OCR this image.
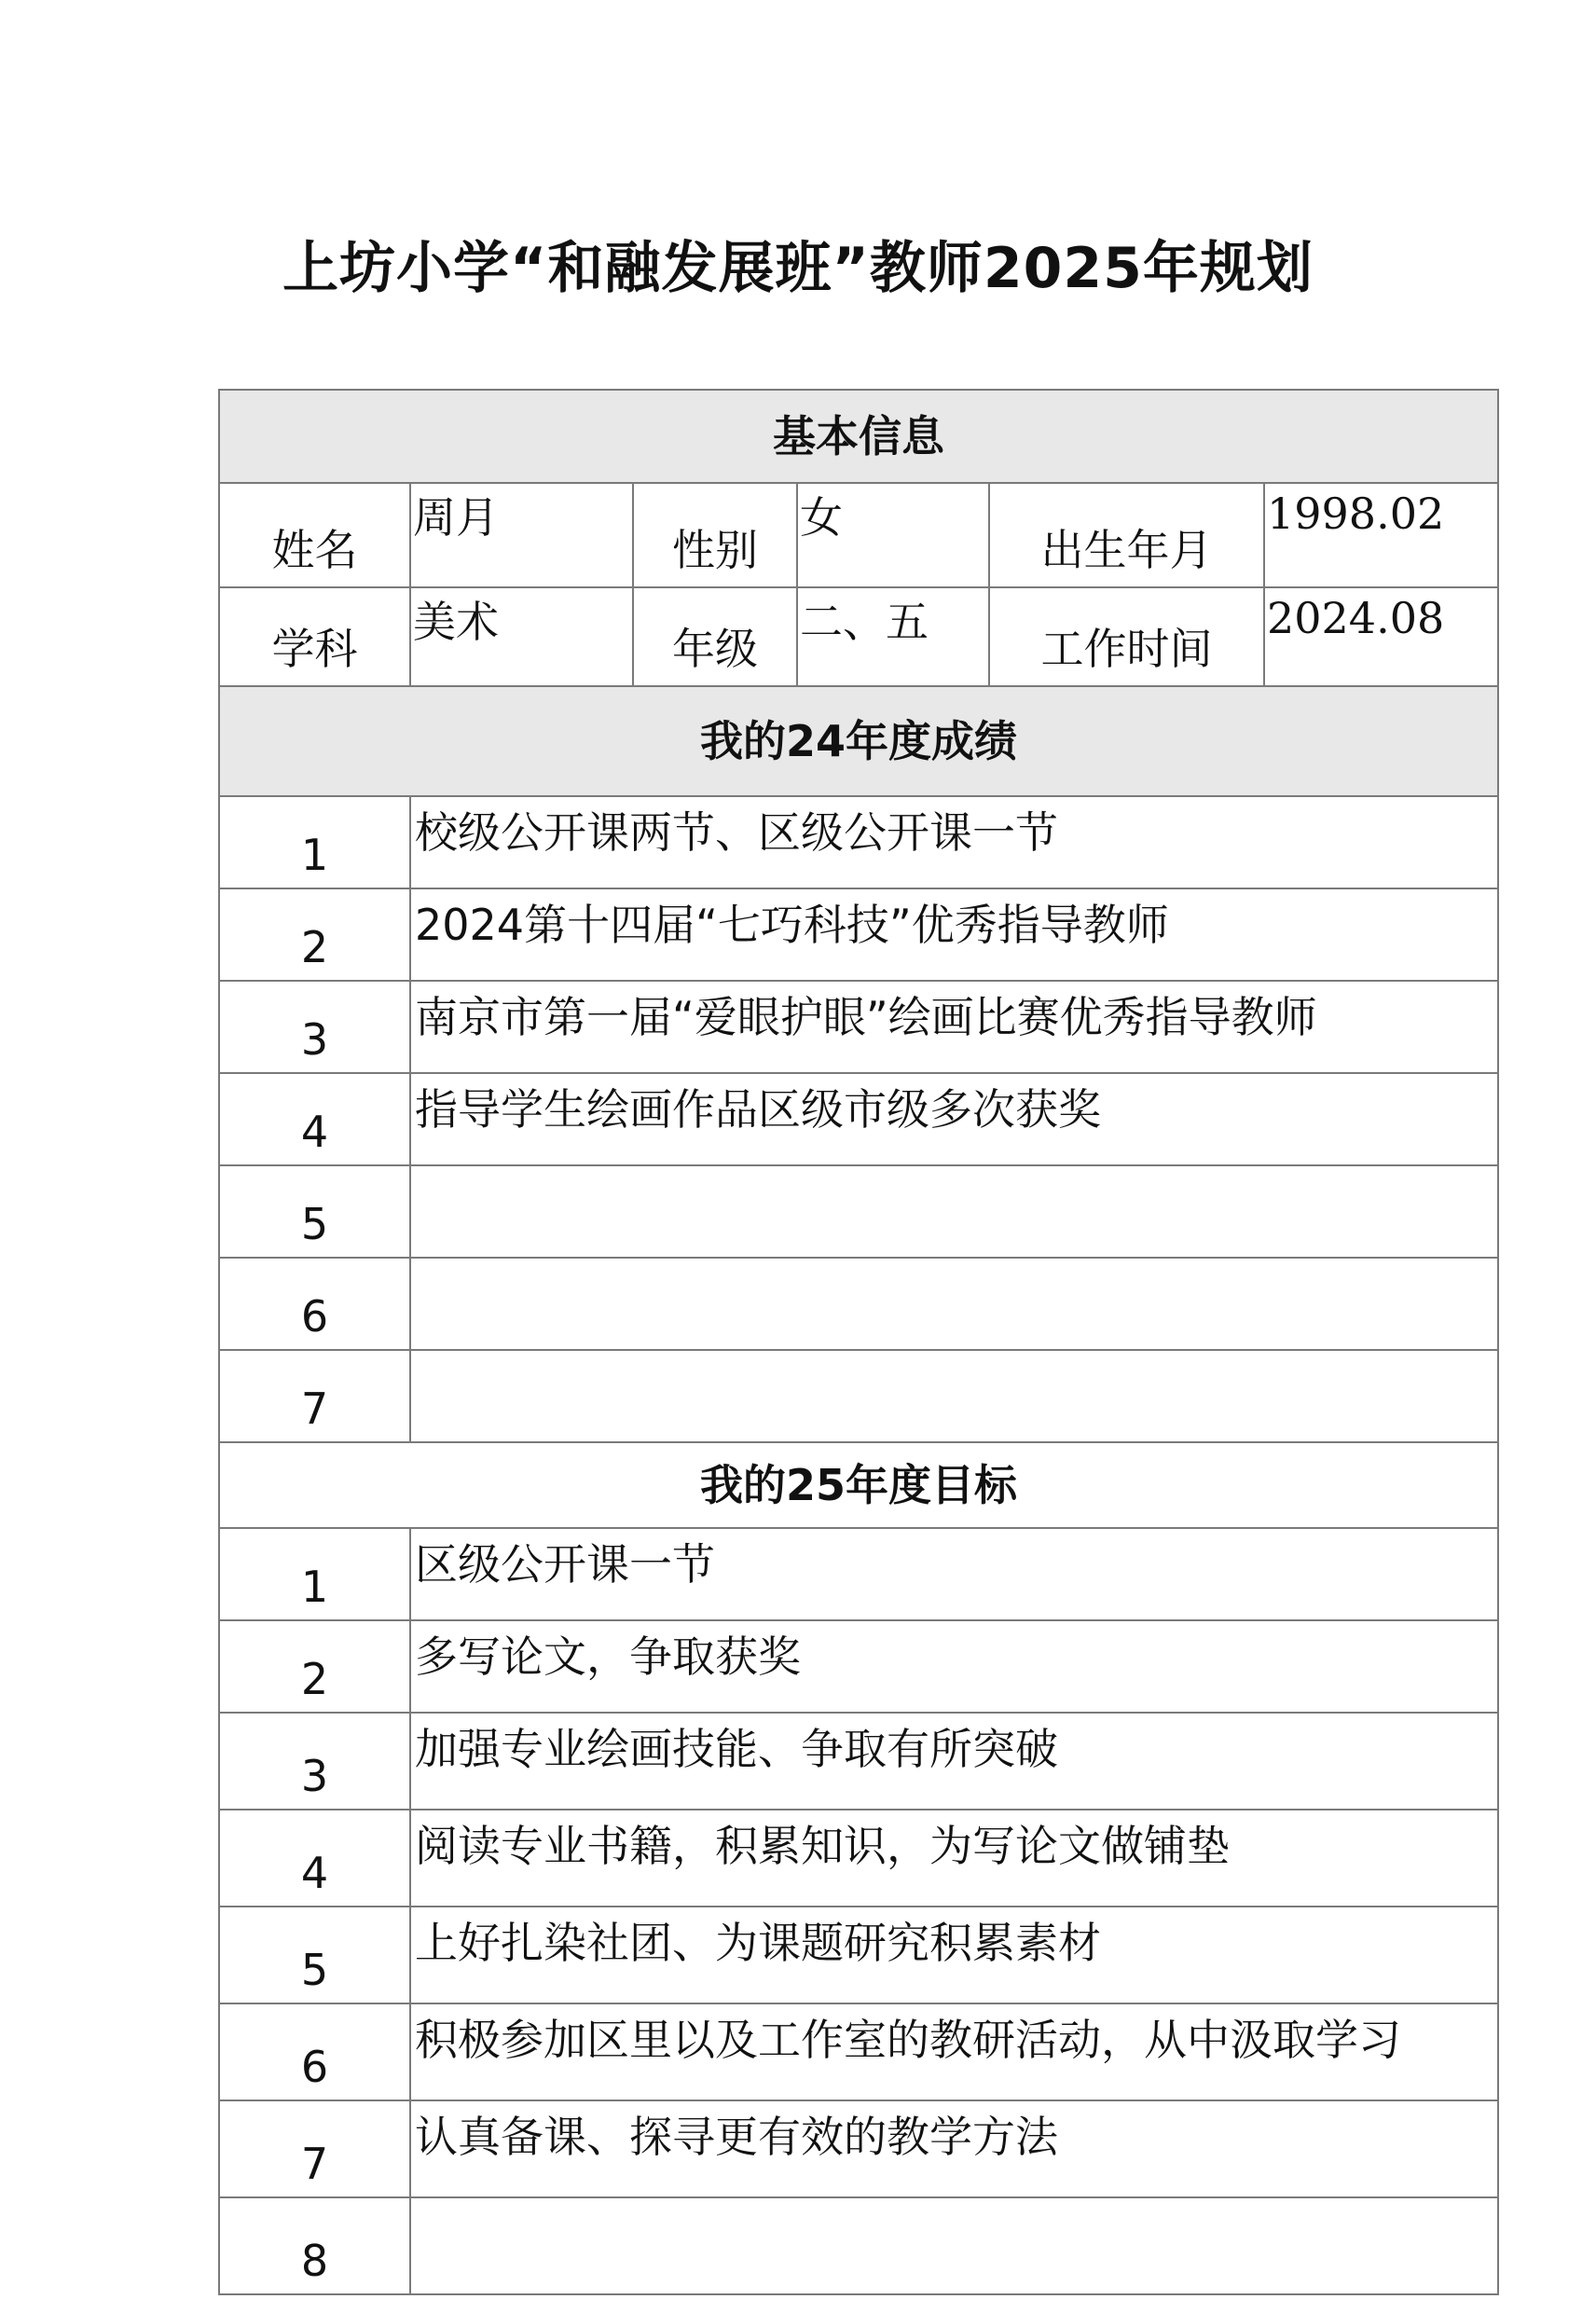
上坊小学“和融发展班”教师2025年规划
基本信息					
姓名	周月	性别	女	出生年月	1998.02
学科	美术	年级	二、五	工作时间	2024.08
我的24年度成绩					
1	校级公开课两节、区级公开课一节				
2	2024第十四届“七巧科技”优秀指导教师				
3	南京市第一届“爱眼护眼”绘画比赛优秀指导教师				
4	指导学生绘画作品区级市级多次获奖				
5					
6					
7					
我的25年度目标					
1	区级公开课一节				
2	多写论文，争取获奖				
3	加强专业绘画技能、争取有所突破				
4	阅读专业书籍，积累知识，为写论文做铺垫				
5	上好扎染社团、为课题研究积累素材				
6	积极参加区里以及工作室的教研活动，从中汲取学习				
7	认真备课、探寻更有效的教学方法				
8					
